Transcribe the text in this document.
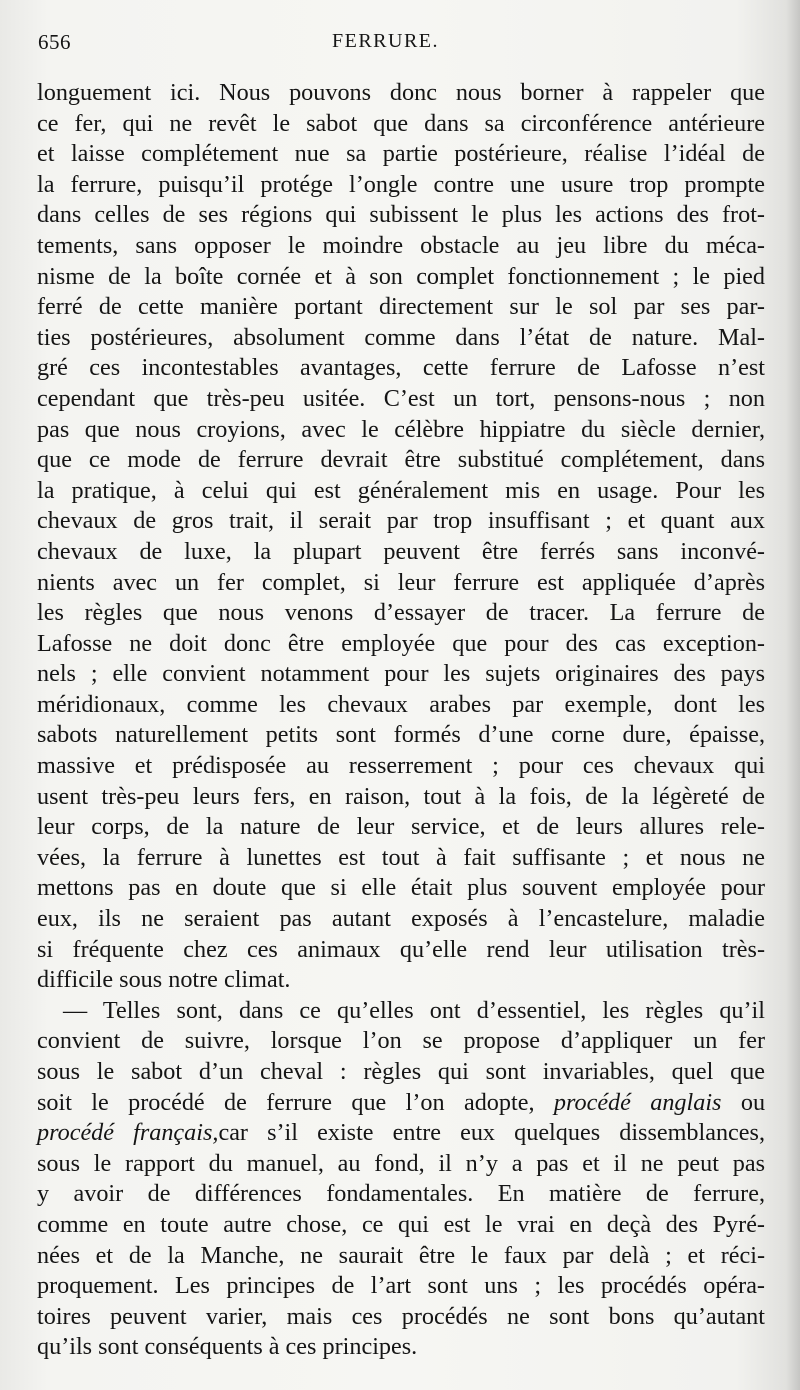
656	FERRURE.
longuement ici. Nous pouvons donc nous borner à rappeler que
ce fer, qui ne revêt le sabot que dans sa circonférence antérieure
et laisse complétement nue sa partie postérieure, réalise l’idéal de
la ferrure, puisqu’il protége l’ongle contre une usure trop prompte
dans celles de ses régions qui subissent le plus les actions des frot-
tements, sans opposer le moindre obstacle au jeu libre du méca-
nisme de la boîte cornée et à son complet fonctionnement ; le pied
ferré de cette manière portant directement sur le sol par ses par-
ties postérieures, absolument comme dans l’état de nature. Mal-
gré ces incontestables avantages, cette ferrure de Lafosse n’est
cependant que très-peu usitée. C’est un tort, pensons-nous ; non
pas que nous croyions, avec le célèbre hippiatre du siècle dernier,
que ce mode de ferrure devrait être substitué complétement, dans
la pratique, à celui qui est généralement mis en usage. Pour les
chevaux de gros trait, il serait par trop insuffisant ; et quant aux
chevaux de luxe, la plupart peuvent être ferrés sans inconvé-
nients avec un fer complet, si leur ferrure est appliquée d’après
les règles que nous venons d’essayer de tracer. La ferrure de
Lafosse ne doit donc être employée que pour des cas exception-
nels ; elle convient notamment pour les sujets originaires des pays
méridionaux, comme les chevaux arabes par exemple, dont les
sabots naturellement petits sont formés d’une corne dure, épaisse,
massive et prédisposée au resserrement ; pour ces chevaux qui
usent très-peu leurs fers, en raison, tout à la fois, de la légèreté de
leur corps, de la nature de leur service, et de leurs allures rele-
vées, la ferrure à lunettes est tout à fait suffisante ; et nous ne
mettons pas en doute que si elle était plus souvent employée pour
eux, ils ne seraient pas autant exposés à l’encastelure, maladie
si fréquente chez ces animaux qu’elle rend leur utilisation très-
difficile sous notre climat.
— Telles sont, dans ce qu’elles ont d’essentiel, les règles qu’il
convient de suivre, lorsque l’on se propose d’appliquer un fer
sous le sabot d’un cheval : règles qui sont invariables, quel que
soit le procédé de ferrure que l’on adopte, procédé anglais ou
procédé français,car s’il existe entre eux quelques dissemblances,
sous le rapport du manuel, au fond, il n’y a pas et il ne peut pas
y avoir de différences fondamentales. En matière de ferrure,
comme en toute autre chose, ce qui est le vrai en deçà des Pyré-
nées et de la Manche, ne saurait être le faux par delà ; et réci-
proquement. Les principes de l’art sont uns ; les procédés opéra-
toires peuvent varier, mais ces procédés ne sont bons qu’autant
qu’ils sont conséquents à ces principes.
